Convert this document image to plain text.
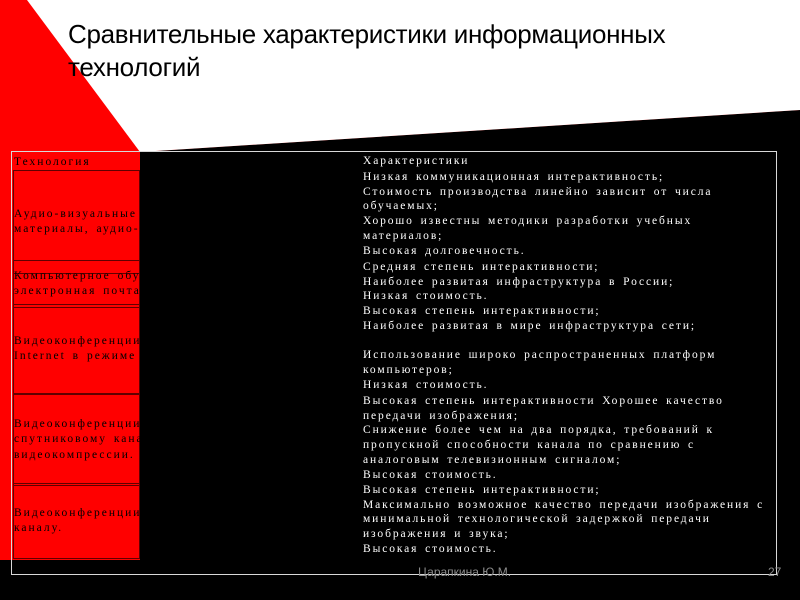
Сравнительные характеристики информационных
технологий
Технология	Характеристики
Аудио-визуальные носители (печатные материалы, аудио-, видеокассеты).
Низкая коммуникационная интерактивность;
Стоимость производства линейно зависит от числа обучаемых;
Хорошо известны методики разработки учебных материалов;
Высокая долговечность.
Компьютерное обучение, асинхронная электронная почта.
Средняя степень интерактивности;
Наиболее развитая инфраструктура в России;
Низкая стоимость.
Видеоконференции по компьютерной сети Internet в режиме реального времени.
Высокая степень интерактивности;
Наиболее развитая в мире инфраструктура сети;

Использование широко распространенных платформ компьютеров;
Низкая стоимость.
Видеоконференции по цифровому выделенному спутниковому каналу с использованием видеокомпрессии.
Высокая степень интерактивности Хорошее качество передачи изображения;
Снижение более чем на два порядка, требований к пропускной способности канала по сравнению с аналоговым телевизионным сигналом;
Высокая стоимость.
Видеоконференции по аналоговому спутниковому каналу.
Высокая степень интерактивности;
Максимально возможное качество передачи изображения с минимальной технологической задержкой передачи изображения и звука;
Высокая стоимость.
Царапкина Ю.М.	27
